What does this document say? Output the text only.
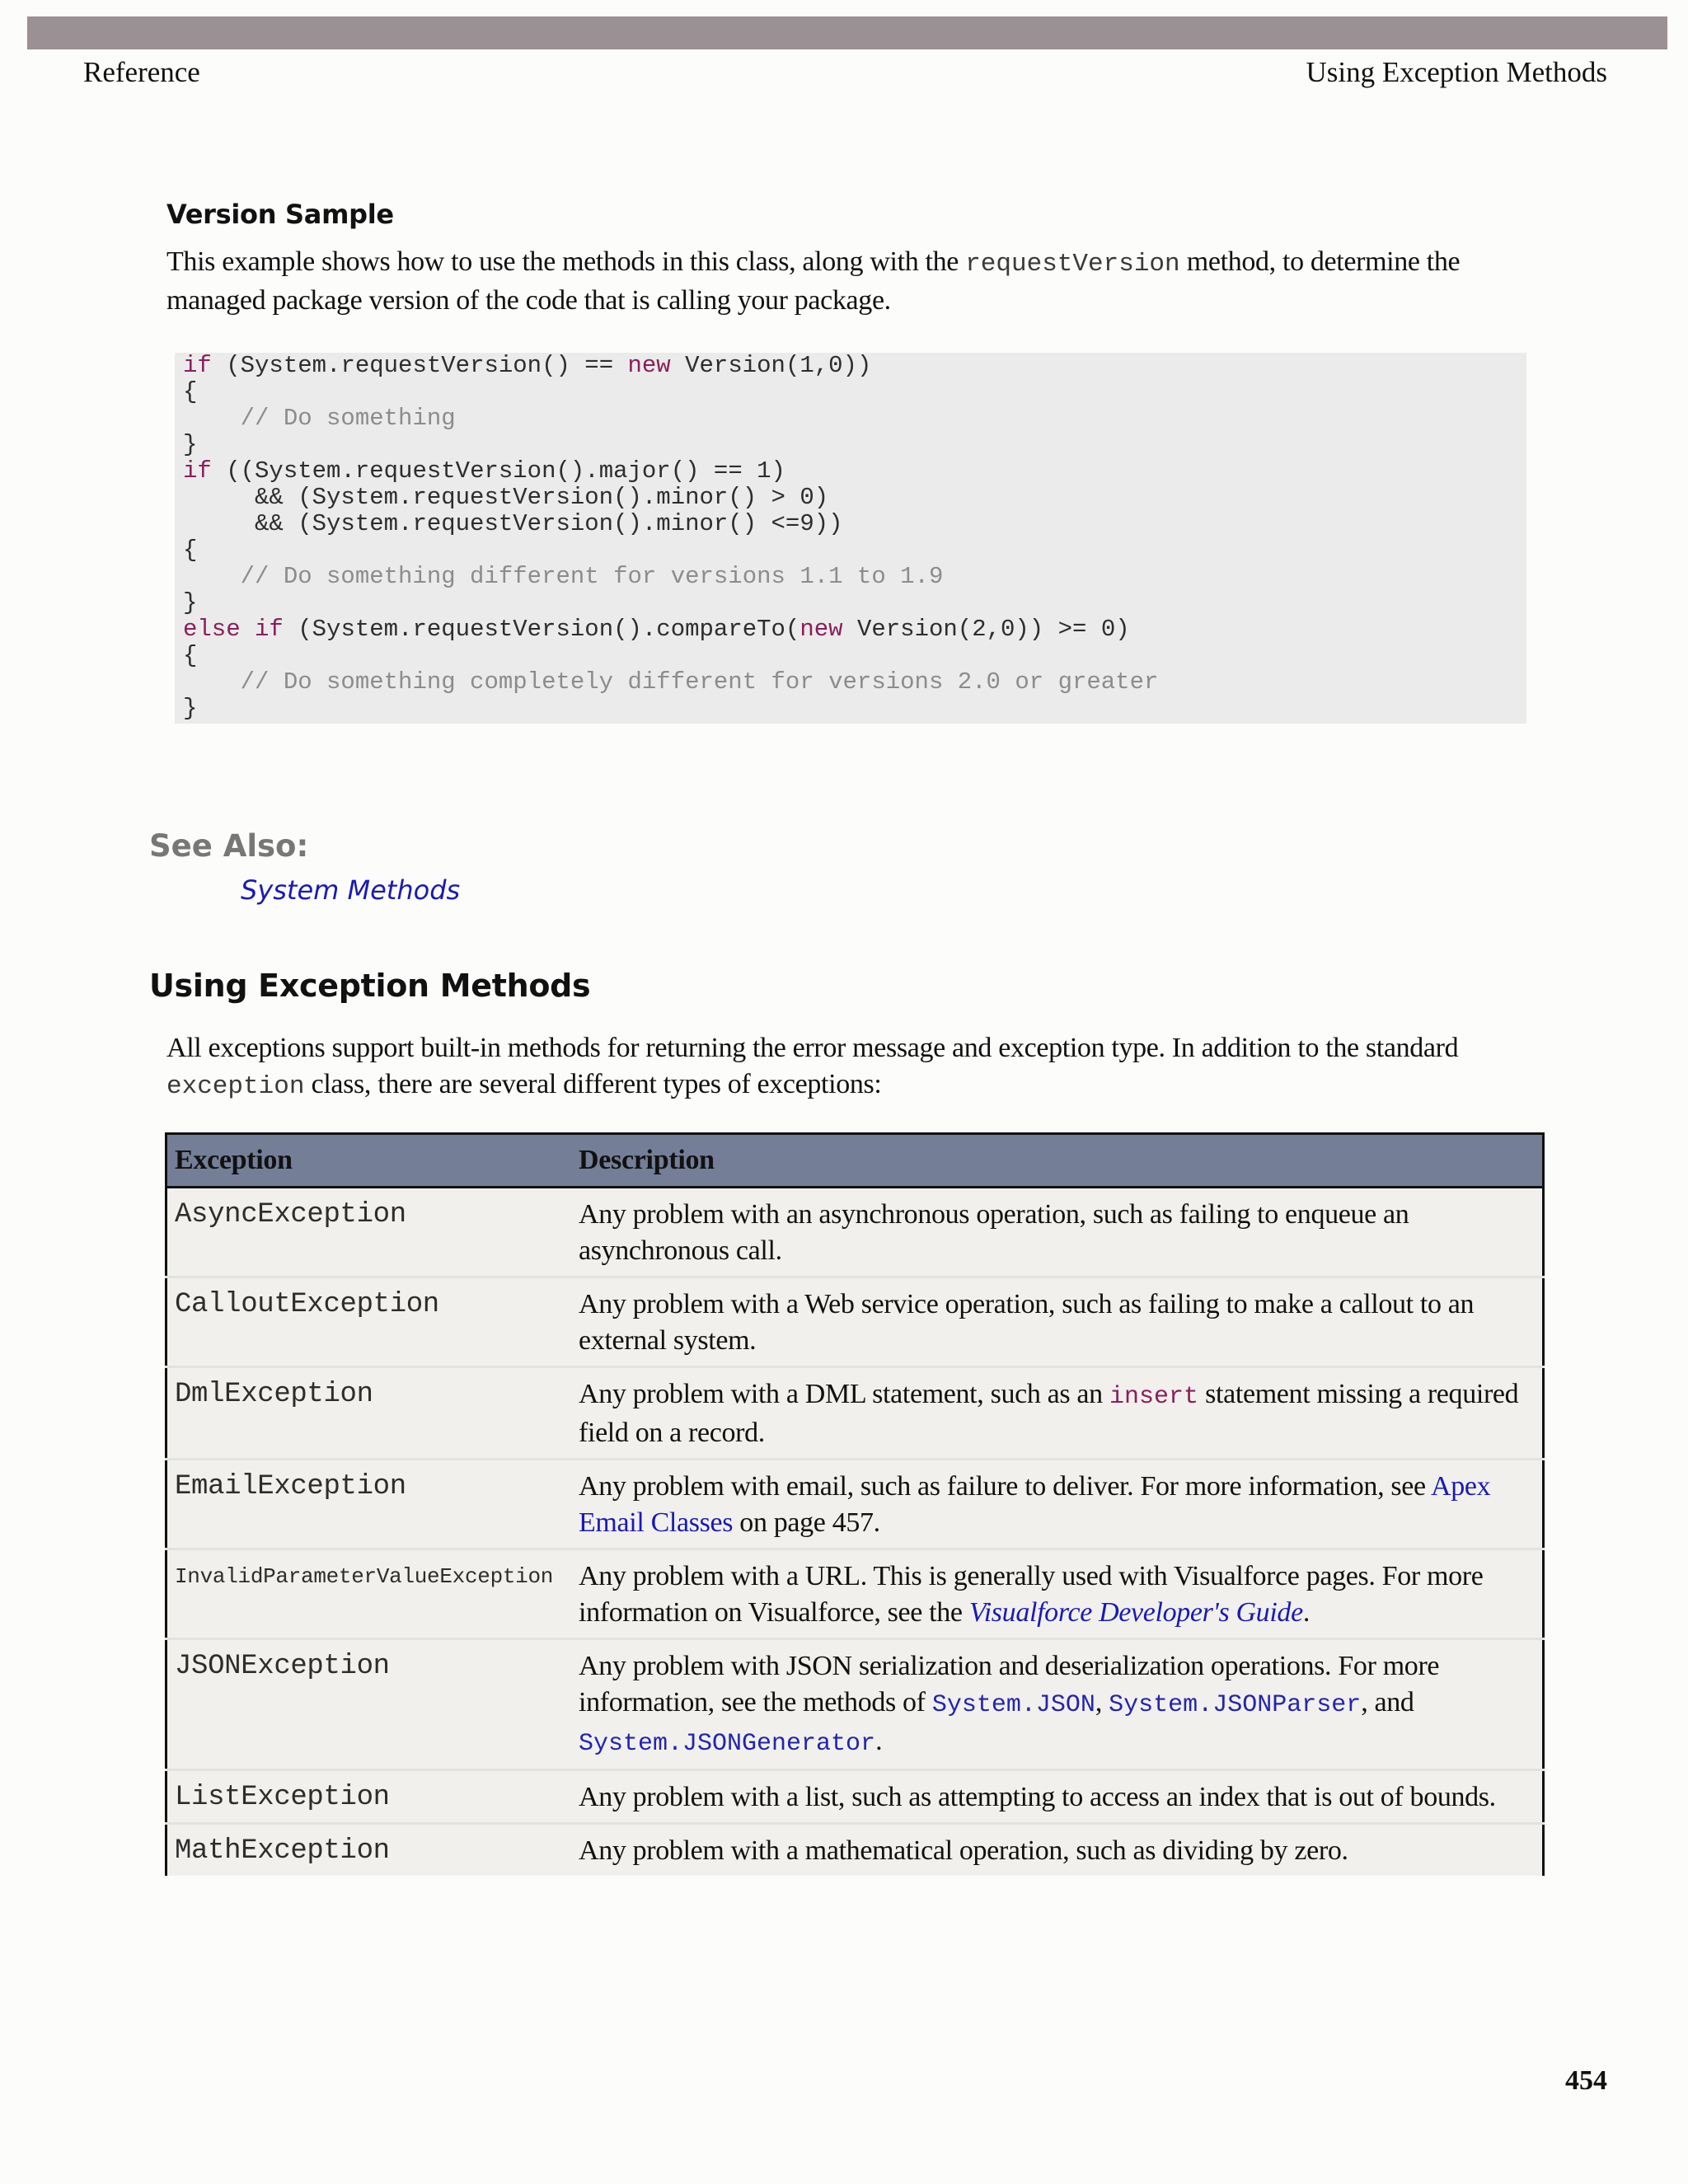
Reference	Using Exception Methods
Version Sample
This example shows how to use the methods in this class, along with the requestVersion method, to determine the managed package version of the code that is calling your package.
if (System.requestVersion() == new Version(1,0))
{
// Do something
}
if ((System.requestVersion().major() == 1)
&& (System.requestVersion().minor() > 0)
&& (System.requestVersion().minor() <=9))
{
// Do something different for versions 1.1 to 1.9
}
else if (System.requestVersion().compareTo(new Version(2,0)) >= 0)
{
// Do something completely different for versions 2.0 or greater
}
See Also:
System Methods
Using Exception Methods
All exceptions support built-in methods for returning the error message and exception type. In addition to the standard exception class, there are several different types of exceptions:
Exception	Description
AsyncException	Any problem with an asynchronous operation, such as failing to enqueue an asynchronous call.
CalloutException	Any problem with a Web service operation, such as failing to make a callout to an external system.
DmlException	Any problem with a DML statement, such as an insert statement missing a required field on a record.
EmailException	Any problem with email, such as failure to deliver. For more information, see Apex Email Classes on page 457.
InvalidParameterValueException	Any problem with a URL. This is generally used with Visualforce pages. For more information on Visualforce, see the Visualforce Developer's Guide.
JSONException	Any problem with JSON serialization and deserialization operations. For more information, see the methods of System.JSON, System.JSONParser, and System.JSONGenerator.
ListException	Any problem with a list, such as attempting to access an index that is out of bounds.
MathException	Any problem with a mathematical operation, such as dividing by zero.
454
